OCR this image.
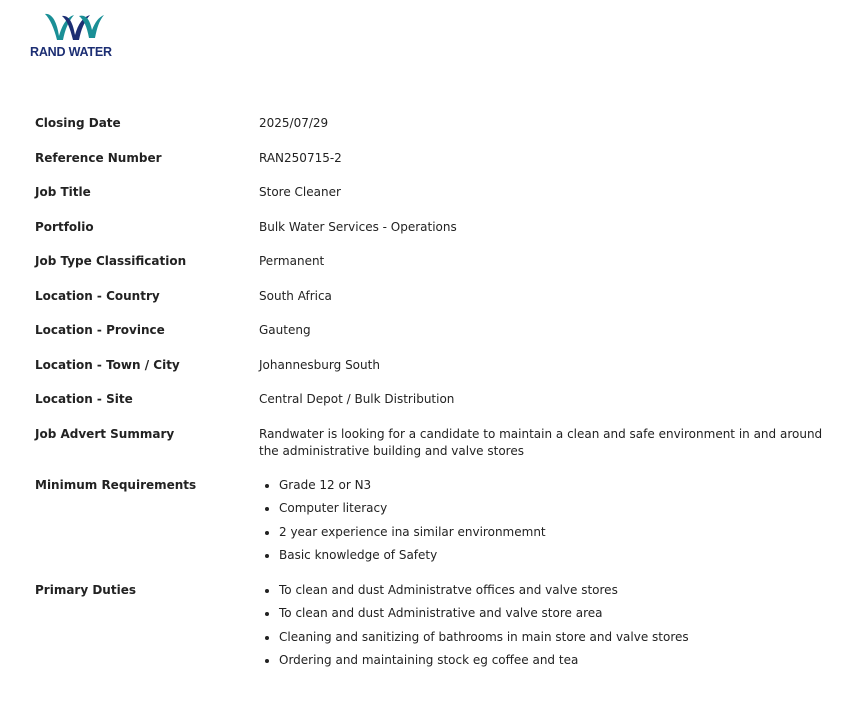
RAND WATER
Closing Date	2025/07/29
Reference Number	RAN250715-2
Job Title	Store Cleaner
Portfolio	Bulk Water Services - Operations
Job Type Classification	Permanent
Location - Country	South Africa
Location - Province	Gauteng
Location - Town / City	Johannesburg South
Location - Site	Central Depot / Bulk Distribution
Job Advert Summary	Randwater is looking for a candidate to maintain a clean and safe environment in and around the administrative building and valve stores
Minimum Requirements	Grade 12 or N3
Computer literacy
2 year experience ina similar environmemnt
Basic knowledge of Safety
Primary Duties	To clean and dust Administratve offices and valve stores
To clean and dust Administrative and valve store area
Cleaning and sanitizing of bathrooms in main store and valve stores
Ordering and maintaining stock eg coffee and tea
